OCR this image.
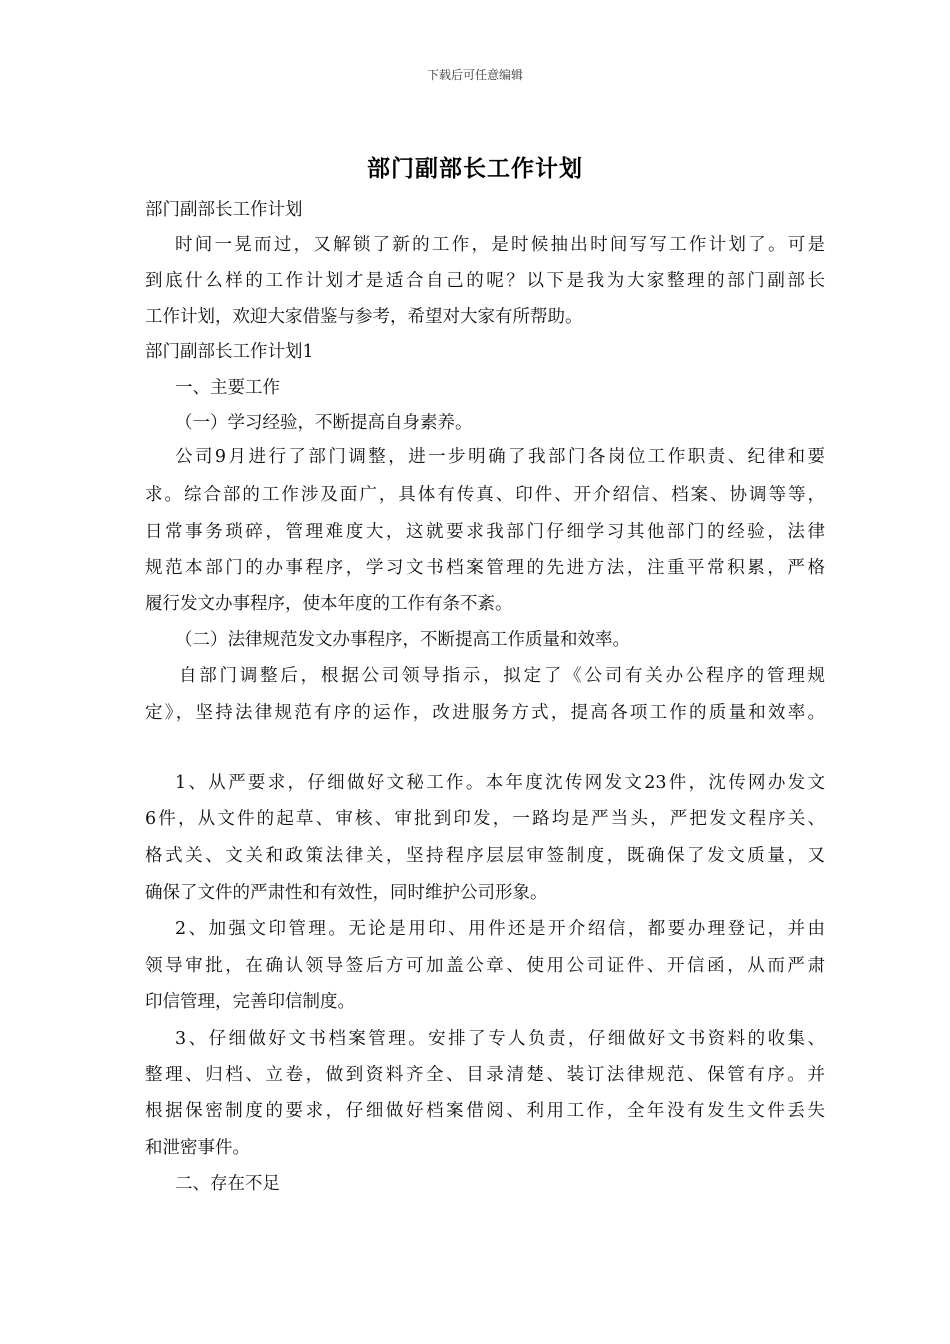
下载后可任意编辑
部门副部长工作计划
部门副部长工作计划
时间一晃而过，又解锁了新的工作，是时候抽出时间写写工作计划了。可是
到底什么样的工作计划才是适合自己的呢？以下是我为大家整理的部门副部长
工作计划，欢迎大家借鉴与参考，希望对大家有所帮助。
部门副部长工作计划1
一、主要工作
（一）学习经验，不断提高自身素养。
公司9月进行了部门调整，进一步明确了我部门各岗位工作职责、纪律和要
求。综合部的工作涉及面广，具体有传真、印件、开介绍信、档案、协调等等，
日常事务琐碎，管理难度大，这就要求我部门仔细学习其他部门的经验，法律
规范本部门的办事程序，学习文书档案管理的先进方法，注重平常积累，严格
履行发文办事程序，使本年度的工作有条不紊。
（二）法律规范发文办事程序，不断提高工作质量和效率。
自部门调整后，根据公司领导指示，拟定了《公司有关办公程序的管理规
定》，坚持法律规范有序的运作，改进服务方式，提高各项工作的质量和效率。
1、从严要求，仔细做好文秘工作。本年度沈传网发文23件，沈传网办发文
6件，从文件的起草、审核、审批到印发，一路均是严当头，严把发文程序关、
格式关、文关和政策法律关，坚持程序层层审签制度，既确保了发文质量，又
确保了文件的严肃性和有效性，同时维护公司形象。
2、加强文印管理。无论是用印、用件还是开介绍信，都要办理登记，并由
领导审批，在确认领导签后方可加盖公章、使用公司证件、开信函，从而严肃
印信管理，完善印信制度。
3、仔细做好文书档案管理。安排了专人负责，仔细做好文书资料的收集、
整理、归档、立卷，做到资料齐全、目录清楚、装订法律规范、保管有序。并
根据保密制度的要求，仔细做好档案借阅、利用工作，全年没有发生文件丢失
和泄密事件。
二、存在不足
